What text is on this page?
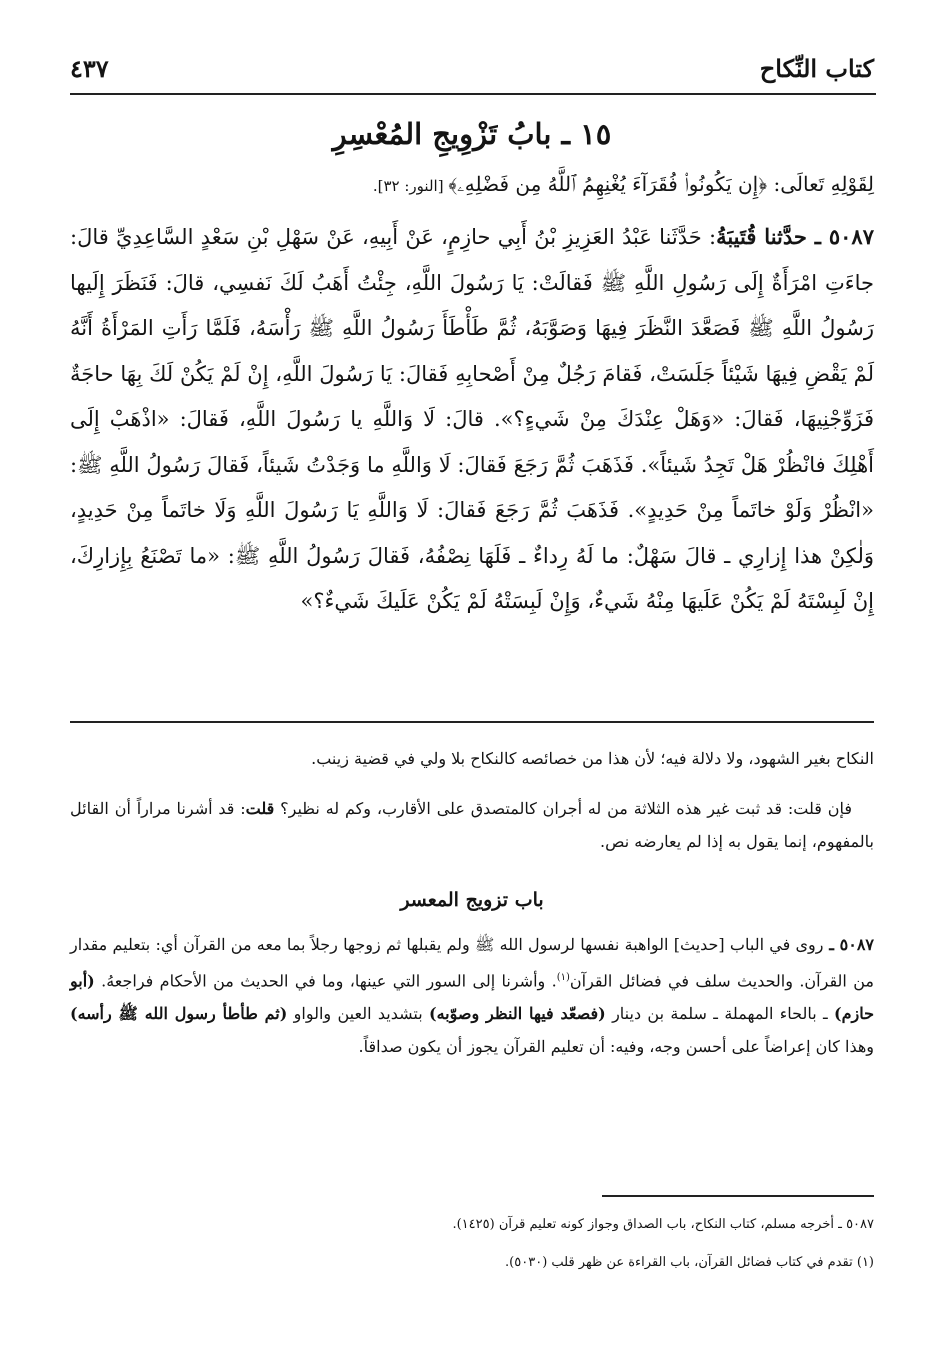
كتاب النِّكاح
٤٣٧
١٥ ـ بابُ تَزْوِيجِ المُعْسِرِ
لِقَوْلِهِ تَعالَى: ﴿إِن يَكُونُوا۟ فُقَرَآءَ يُغْنِهِمُ ٱللَّهُ مِن فَضْلِهِۦ﴾ [النور: ٣٢].
٥٠٨٧ ـ حدَّثنا قُتَيبَةُ: حَدَّثَنا عَبْدُ العَزِيزِ بْنُ أَبِي حازِمٍ، عَنْ أَبِيهِ، عَنْ سَهْلِ بْنِ سَعْدٍ السَّاعِدِيِّ قالَ: جاءَتِ امْرَأَةٌ إِلَى رَسُولِ اللَّهِ ﷺ فَقالَتْ: يَا رَسُولَ اللَّهِ، جِئْتُ أَهَبُ لَكَ نَفسِي، قالَ: فَنَظَرَ إِلَيها رَسُولُ اللَّهِ ﷺ فَصَعَّدَ النَّظَرَ فِيهَا وَصَوَّبَهُ، ثُمَّ طَأْطَأَ رَسُولُ اللَّهِ ﷺ رَأْسَهُ، فَلَمَّا رَأَتِ المَرْأَةُ أَنَّهُ لَمْ يَقْضِ فِيهَا شَيْئاً جَلَسَتْ، فَقامَ رَجُلٌ مِنْ أَصْحابِهِ فَقالَ: يَا رَسُولَ اللَّهِ، إِنْ لَمْ يَكُنْ لَكَ بِهَا حاجَةٌ فَزَوِّجْنِيهَا، فَقالَ: «وَهَلْ عِنْدَكَ مِنْ شَيءٍ؟». قالَ: لَا وَاللَّهِ يا رَسُولَ اللَّهِ، فَقالَ: «اذْهَبْ إِلَى أَهْلِكَ فانْظُرْ هَلْ تَجِدُ شَيئاً». فَذَهَبَ ثُمَّ رَجَعَ فَقالَ: لَا وَاللَّهِ ما وَجَدْتُ شَيئاً، فَقالَ رَسُولُ اللَّهِ ﷺ: «انْظُرْ وَلَوْ خاتَماً مِنْ حَدِيدٍ». فَذَهَبَ ثُمَّ رَجَعَ فَقالَ: لَا وَاللَّهِ يَا رَسُولَ اللَّهِ وَلَا خاتَماً مِنْ حَدِيدٍ، وَلٰكِنْ هذا إِزارِي ـ قالَ سَهْلٌ: ما لَهُ رِداءٌ ـ فَلَهَا نِصْفُهُ، فَقالَ رَسُولُ اللَّهِ ﷺ: «ما تَصْنَعُ بِإِزارِكَ، إِنْ لَبِسْتَهُ لَمْ يَكُنْ عَلَيهَا مِنْهُ شَيءٌ، وَإِنْ لَبِسَتْهُ لَمْ يَكُنْ عَلَيكَ شَيءٌ؟»
النكاح بغير الشهود، ولا دلالة فيه؛ لأن هذا من خصائصه كالنكاح بلا ولي في قضية زينب.
فإن قلت: قد ثبت غير هذه الثلاثة من له أجران كالمتصدق على الأقارب، وكم له نظير؟ قلت: قد أشرنا مراراً أن القائل بالمفهوم، إنما يقول به إذا لم يعارضه نص.
باب تزويج المعسر
٥٠٨٧ ـ روى في الباب [حديث] الواهبة نفسها لرسول الله ﷺ ولم يقبلها ثم زوجها رجلاً بما معه من القرآن أي: بتعليم مقدار من القرآن. والحديث سلف في فضائل القرآن$^{(١)}$. وأشرنا إلى السور التي عينها، وما في الحديث من الأحكام فراجعهُ. (أبو حازم) ـ بالحاء المهملة ـ سلمة بن دينار (فصعّد فيها النظر وصوّبه) بتشديد العين والواو (ثم طأطأ رسول الله ﷺ رأسه) وهذا كان إعراضاً على أحسن وجه، وفيه: أن تعليم القرآن يجوز أن يكون صداقاً.
٥٠٨٧ ـ أخرجه مسلم، كتاب النكاح، باب الصداق وجواز كونه تعليم قرآن (١٤٢٥).
(١) تقدم في كتاب فضائل القرآن، باب القراءة عن ظهر قلب (٥٠٣٠).
